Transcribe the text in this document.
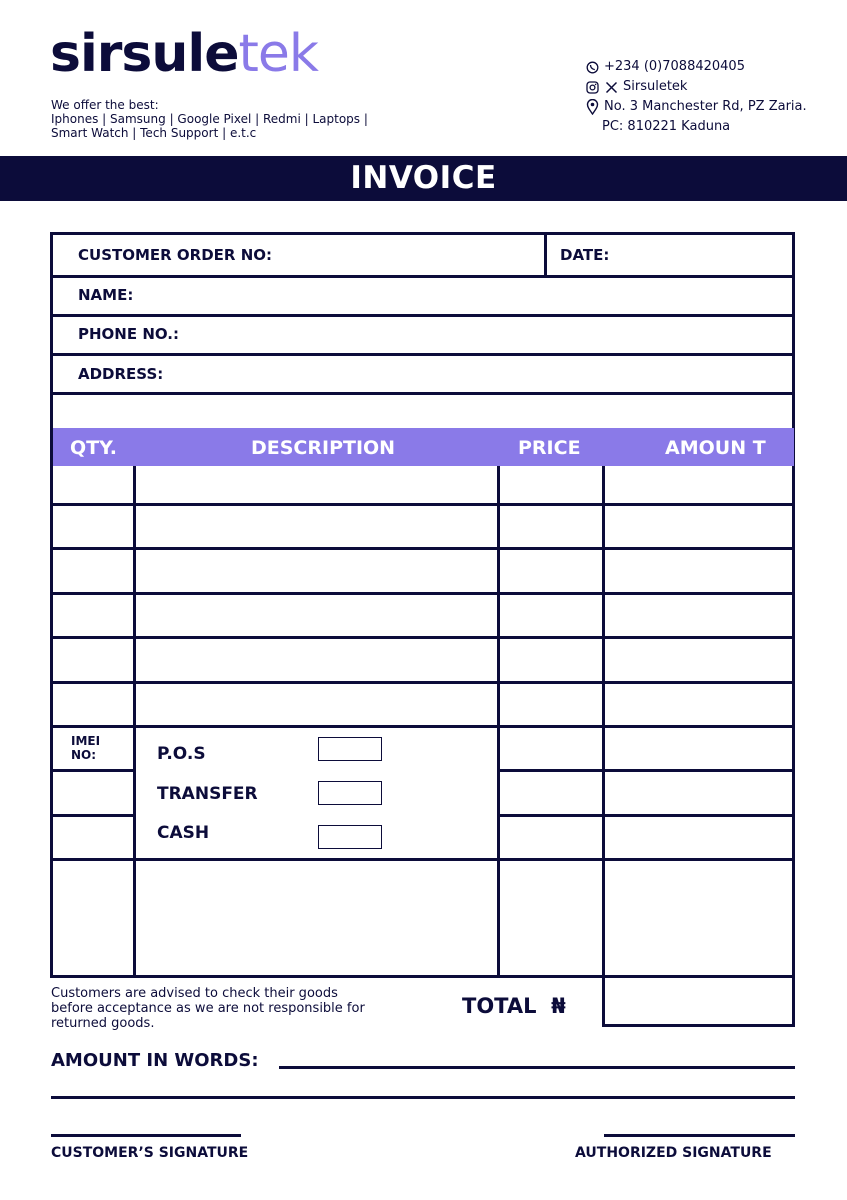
sirsuletek
We offer the best:
Iphones | Samsung | Google Pixel | Redmi | Laptops |
Smart Watch | Tech Support | e.t.c
+234 (0)7088420405
Sirsuletek
No. 3 Manchester Rd, PZ Zaria.
PC: 810221 Kaduna
INVOICE
CUSTOMER ORDER NO:	DATE:
NAME:
PHONE NO.:
ADDRESS:
QTY.	DESCRIPTION	PRICE	AMOUN T
IMEI
NO:	P.O.S
TRANSFER
CASH
Customers are advised to check their goods
before acceptance as we are not responsible for
returned goods.
TOTAL ₦
AMOUNT IN WORDS:
CUSTOMER’S SIGNATURE	AUTHORIZED SIGNATURE
